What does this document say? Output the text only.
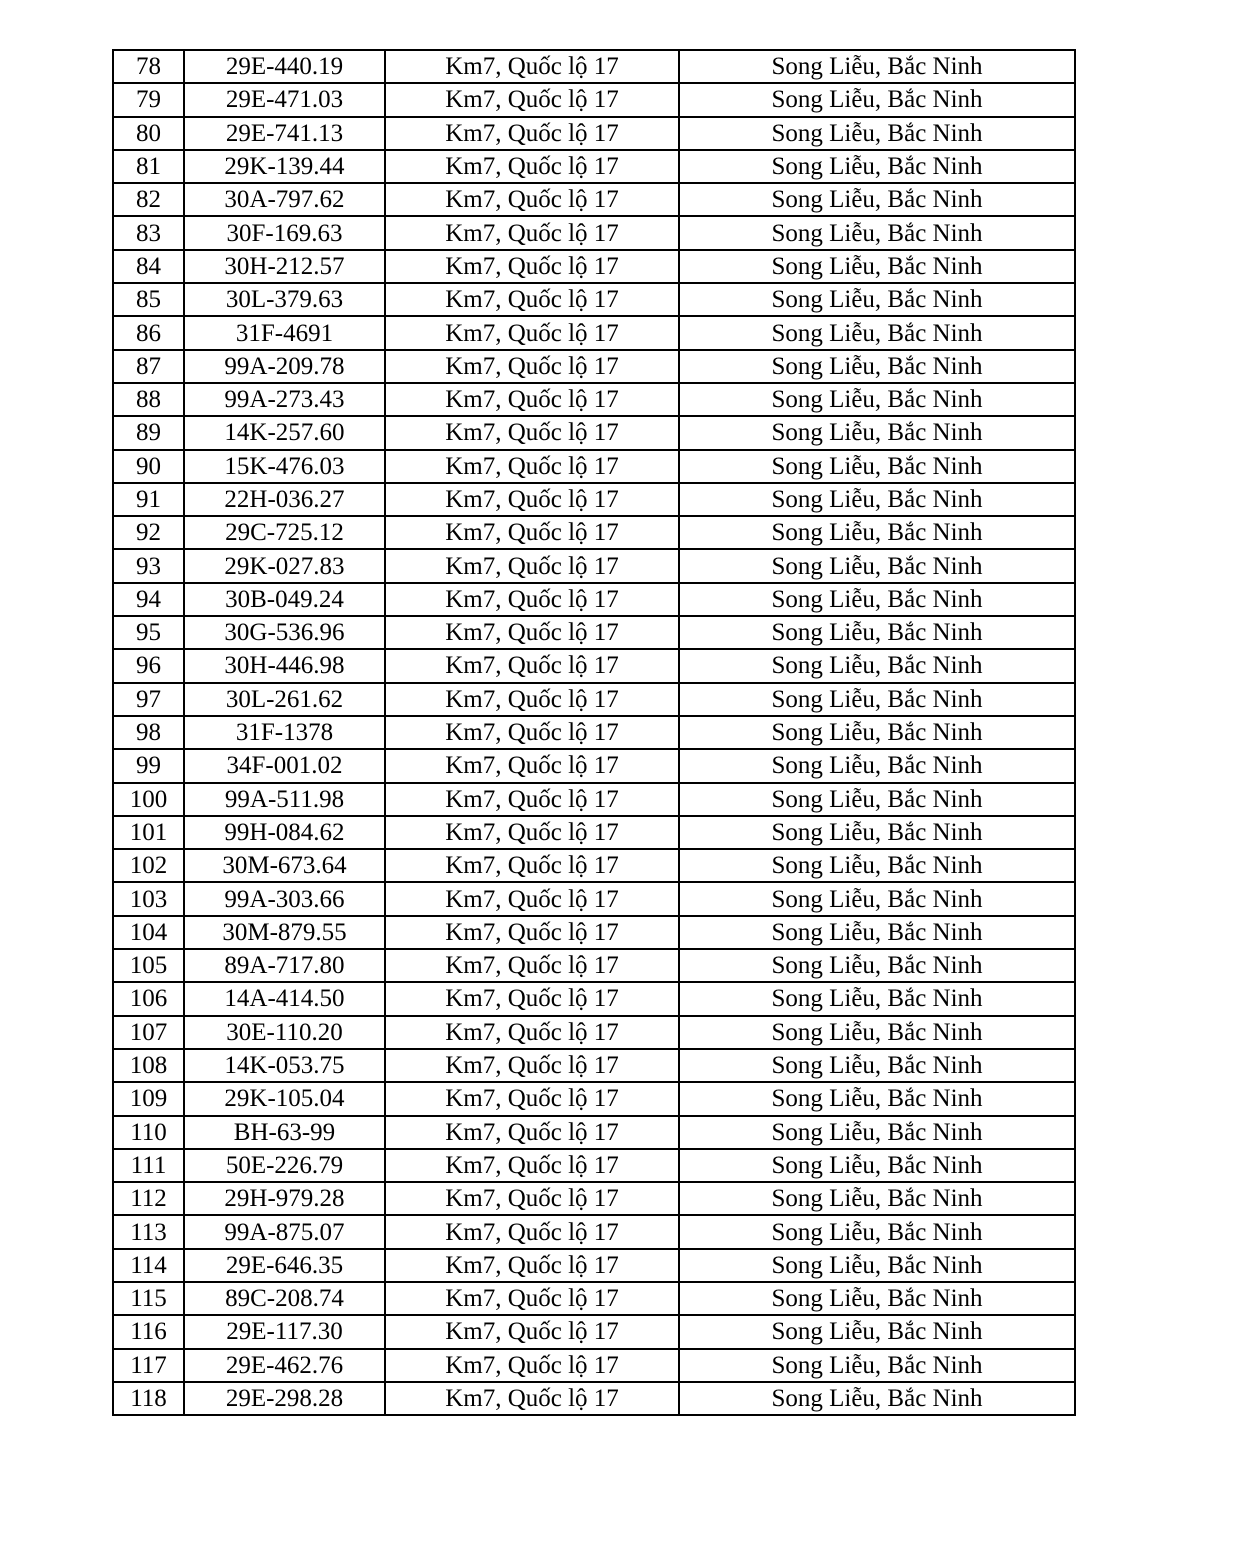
78	29E-440.19	Km7, Quốc lộ 17	Song Liễu, Bắc Ninh
79	29E-471.03	Km7, Quốc lộ 17	Song Liễu, Bắc Ninh
80	29E-741.13	Km7, Quốc lộ 17	Song Liễu, Bắc Ninh
81	29K-139.44	Km7, Quốc lộ 17	Song Liễu, Bắc Ninh
82	30A-797.62	Km7, Quốc lộ 17	Song Liễu, Bắc Ninh
83	30F-169.63	Km7, Quốc lộ 17	Song Liễu, Bắc Ninh
84	30H-212.57	Km7, Quốc lộ 17	Song Liễu, Bắc Ninh
85	30L-379.63	Km7, Quốc lộ 17	Song Liễu, Bắc Ninh
86	31F-4691	Km7, Quốc lộ 17	Song Liễu, Bắc Ninh
87	99A-209.78	Km7, Quốc lộ 17	Song Liễu, Bắc Ninh
88	99A-273.43	Km7, Quốc lộ 17	Song Liễu, Bắc Ninh
89	14K-257.60	Km7, Quốc lộ 17	Song Liễu, Bắc Ninh
90	15K-476.03	Km7, Quốc lộ 17	Song Liễu, Bắc Ninh
91	22H-036.27	Km7, Quốc lộ 17	Song Liễu, Bắc Ninh
92	29C-725.12	Km7, Quốc lộ 17	Song Liễu, Bắc Ninh
93	29K-027.83	Km7, Quốc lộ 17	Song Liễu, Bắc Ninh
94	30B-049.24	Km7, Quốc lộ 17	Song Liễu, Bắc Ninh
95	30G-536.96	Km7, Quốc lộ 17	Song Liễu, Bắc Ninh
96	30H-446.98	Km7, Quốc lộ 17	Song Liễu, Bắc Ninh
97	30L-261.62	Km7, Quốc lộ 17	Song Liễu, Bắc Ninh
98	31F-1378	Km7, Quốc lộ 17	Song Liễu, Bắc Ninh
99	34F-001.02	Km7, Quốc lộ 17	Song Liễu, Bắc Ninh
100	99A-511.98	Km7, Quốc lộ 17	Song Liễu, Bắc Ninh
101	99H-084.62	Km7, Quốc lộ 17	Song Liễu, Bắc Ninh
102	30M-673.64	Km7, Quốc lộ 17	Song Liễu, Bắc Ninh
103	99A-303.66	Km7, Quốc lộ 17	Song Liễu, Bắc Ninh
104	30M-879.55	Km7, Quốc lộ 17	Song Liễu, Bắc Ninh
105	89A-717.80	Km7, Quốc lộ 17	Song Liễu, Bắc Ninh
106	14A-414.50	Km7, Quốc lộ 17	Song Liễu, Bắc Ninh
107	30E-110.20	Km7, Quốc lộ 17	Song Liễu, Bắc Ninh
108	14K-053.75	Km7, Quốc lộ 17	Song Liễu, Bắc Ninh
109	29K-105.04	Km7, Quốc lộ 17	Song Liễu, Bắc Ninh
110	BH-63-99	Km7, Quốc lộ 17	Song Liễu, Bắc Ninh
111	50E-226.79	Km7, Quốc lộ 17	Song Liễu, Bắc Ninh
112	29H-979.28	Km7, Quốc lộ 17	Song Liễu, Bắc Ninh
113	99A-875.07	Km7, Quốc lộ 17	Song Liễu, Bắc Ninh
114	29E-646.35	Km7, Quốc lộ 17	Song Liễu, Bắc Ninh
115	89C-208.74	Km7, Quốc lộ 17	Song Liễu, Bắc Ninh
116	29E-117.30	Km7, Quốc lộ 17	Song Liễu, Bắc Ninh
117	29E-462.76	Km7, Quốc lộ 17	Song Liễu, Bắc Ninh
118	29E-298.28	Km7, Quốc lộ 17	Song Liễu, Bắc Ninh
